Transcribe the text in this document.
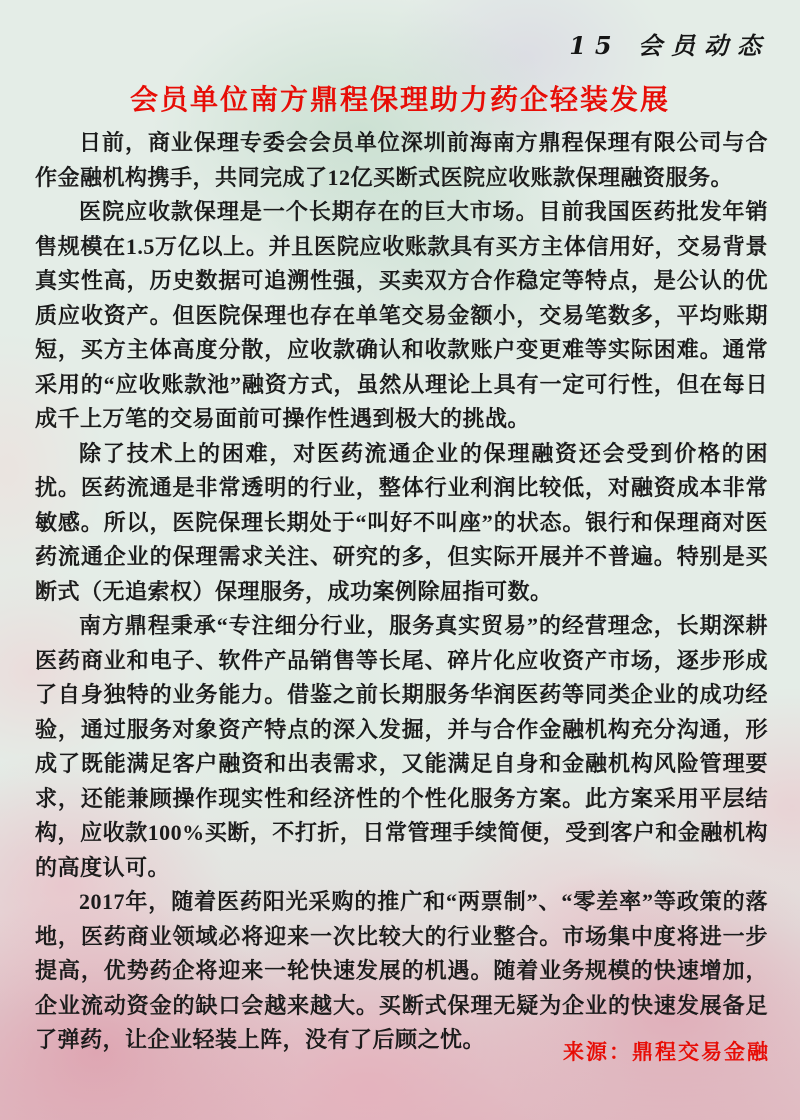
15 会员动态
会员单位南方鼎程保理助力药企轻装发展

日前，商业保理专委会会员单位深圳前海南方鼎程保理有限公司与合作金融机构携手，共同完成了12亿买断式医院应收账款保理融资服务。

医院应收款保理是一个长期存在的巨大市场。目前我国医药批发年销售规模在1.5万亿以上。并且医院应收账款具有买方主体信用好，交易背景真实性高，历史数据可追溯性强，买卖双方合作稳定等特点，是公认的优质应收资产。但医院保理也存在单笔交易金额小，交易笔数多，平均账期短，买方主体高度分散，应收款确认和收款账户变更难等实际困难。通常采用的“应收账款池”融资方式，虽然从理论上具有一定可行性，但在每日成千上万笔的交易面前可操作性遇到极大的挑战。

除了技术上的困难，对医药流通企业的保理融资还会受到价格的困扰。医药流通是非常透明的行业，整体行业利润比较低，对融资成本非常敏感。所以，医院保理长期处于“叫好不叫座”的状态。银行和保理商对医药流通企业的保理需求关注、研究的多，但实际开展并不普遍。特别是买断式（无追索权）保理服务，成功案例除屈指可数。

南方鼎程秉承“专注细分行业，服务真实贸易”的经营理念，长期深耕医药商业和电子、软件产品销售等长尾、碎片化应收资产市场，逐步形成了自身独特的业务能力。借鉴之前长期服务华润医药等同类企业的成功经验，通过服务对象资产特点的深入发掘，并与合作金融机构充分沟通，形成了既能满足客户融资和出表需求，又能满足自身和金融机构风险管理要求，还能兼顾操作现实性和经济性的个性化服务方案。此方案采用平层结构，应收款100%买断，不打折，日常管理手续简便，受到客户和金融机构的高度认可。

2017年，随着医药阳光采购的推广和“两票制”、“零差率”等政策的落地，医药商业领域必将迎来一次比较大的行业整合。市场集中度将进一步提高，优势药企将迎来一轮快速发展的机遇。随着业务规模的快速增加，企业流动资金的缺口会越来越大。买断式保理无疑为企业的快速发展备足了弹药，让企业轻装上阵，没有了后顾之忧。	来源：鼎程交易金融
